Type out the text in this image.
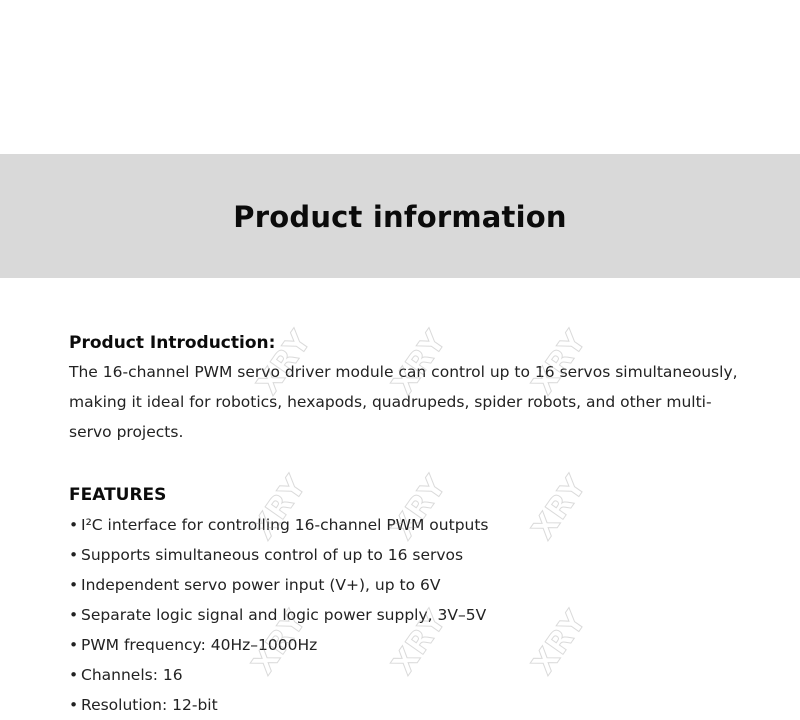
Product information
Product Introduction:

The 16-channel PWM servo driver module can control up to 16 servos simultaneously, making it ideal for robotics, hexapods, quadrupeds, spider robots, and other multi-servo projects.

FEATURES
• I²C interface for controlling 16-channel PWM outputs
• Supports simultaneous control of up to 16 servos
• Independent servo power input (V+), up to 6V
• Separate logic signal and logic power supply, 3V–5V
• PWM frequency: 40Hz–1000Hz
• Channels: 16
• Resolution: 12-bit
XRY XRY XRY
XRY XRY XRY
XRY XRY XRY
